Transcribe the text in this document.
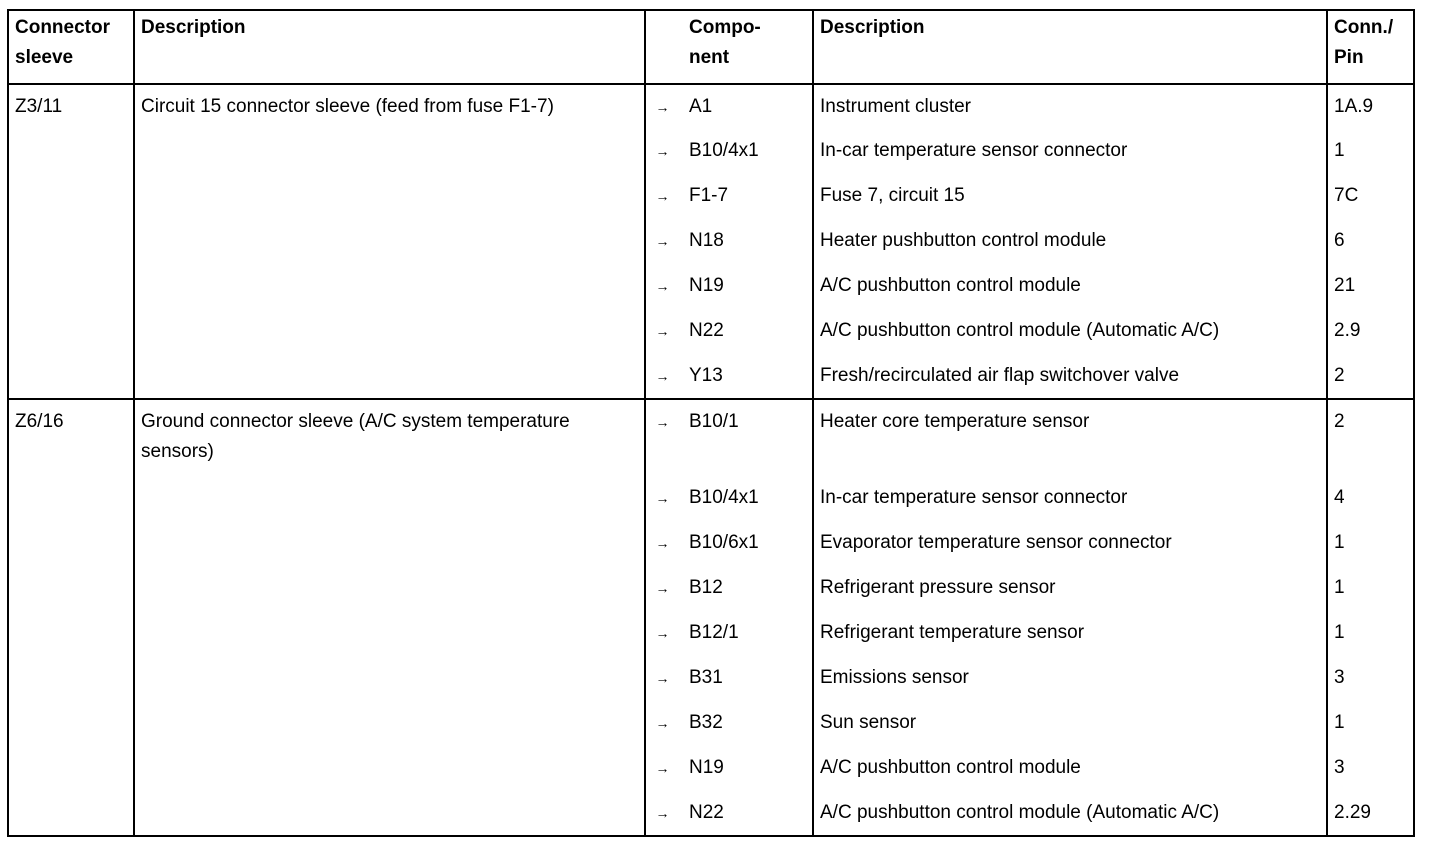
Connector sleeve	Description		Compo- nent	Description	Conn./ Pin
Z3/11	Circuit 15 connector sleeve (feed from fuse F1-7)	→	A1	Instrument cluster	1A.9
		→	B10/4x1	In-car temperature sensor connector	1
		→	F1-7	Fuse 7, circuit 15	7C
		→	N18	Heater pushbutton control module	6
		→	N19	A/C pushbutton control module	21
		→	N22	A/C pushbutton control module (Automatic A/C)	2.9
		→	Y13	Fresh/recirculated air flap switchover valve	2
Z6/16	Ground connector sleeve (A/C system temperature sensors)	→	B10/1	Heater core temperature sensor	2
		→	B10/4x1	In-car temperature sensor connector	4
		→	B10/6x1	Evaporator temperature sensor connector	1
		→	B12	Refrigerant pressure sensor	1
		→	B12/1	Refrigerant temperature sensor	1
		→	B31	Emissions sensor	3
		→	B32	Sun sensor	1
		→	N19	A/C pushbutton control module	3
		→	N22	A/C pushbutton control module (Automatic A/C)	2.29
